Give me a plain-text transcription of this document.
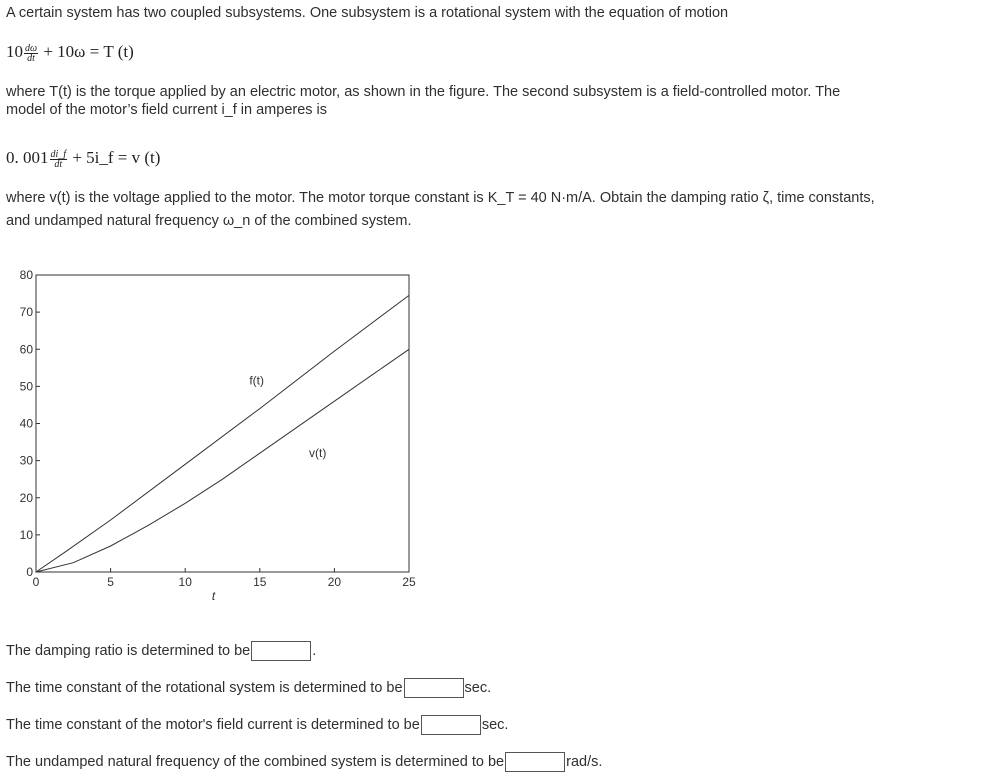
A certain system has two coupled subsystems. One subsystem is a rotational system with the equation of motion
$10 \frac{d\omega}{dt} + 10\omega = T$ (t)
where T(t) is the torque applied by an electric motor, as shown in the figure. The second subsystem is a field-controlled motor. The
model of the motor’s field current i_f in amperes is
0. $001 \frac{di\_f}{dt}$ + 5i_f = v (t)
where v(t) is the voltage applied to the motor. The motor torque constant is K_T = 40 N·m/A. Obtain the damping ratio ζ, time constants,
and undamped natural frequency ω_n of the combined system.
0
10
20
30
40
50
60
70
80
0	5	10	15	20	25
f(t)
v(t)
t
The damping ratio is determined to be	.
The time constant of the rotational system is determined to be	sec.
The time constant of the motor's field current is determined to be	sec.
The undamped natural frequency of the combined system is determined to be	rad/s.
